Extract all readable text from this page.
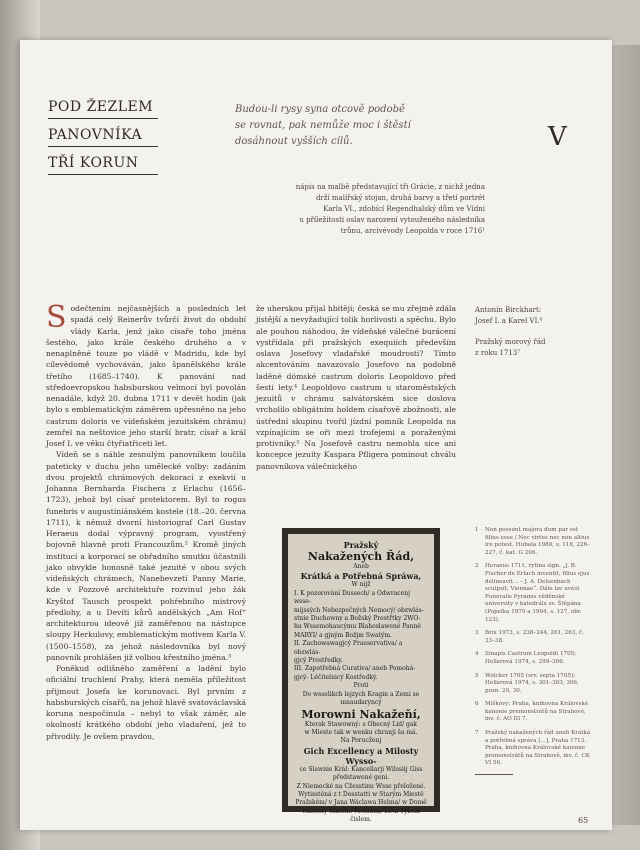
POD ŽEZLEM
PANOVNÍKA
TŘÍ KORUN
Budou-li rysy syna otcově podobě
se rovnat, pak nemůže moc i štěstí
dosáhnout vyšších cílů.	V
nápis na malbě představující tři Grácie, z nichž jedna
drží malířský stojan, druhá barvy a třetí portrét
Karla VI., zdobící Regendhalský dům ve Vídni
u příležitosti oslav narození vytouženého následníka
trůnu, arcivévody Leopolda v roce 1716¹

Sodečtením nejčasnějších a posledních let spadá celý Reinerův tvůrčí život do období vlády Karla, jenž jako císaře toho jména šestého, jako krále českého druhého a v nenaplněné touze po vládě v Madridu, kde byl cílevědomě vychováván, jako španělského krále třetího (1685–1740). K panování nad středoevropskou habsburskou velmocí byl povolán nenadále, když 20. dubna 1711 v devět hodin (jak bylo s emblematickým záměrem upřesněno na jeho castrum doloris ve vídeňském jezuitském chrámu) zemřel na neštovice jeho starší bratr, císař a král Josef I. ve věku čtyřiatřiceti let.

Vídeň se s náhle zesnulým panovníkem loučila pateticky v duchu jeho umělecké volby: zadáním dvou projektů chrámových dekorací z exekvií u Johanna Bernharda Fischera z Erlachu (1656–1723), jehož byl císař protektorem. Byl to rogus funebris v augustiniánském kostele (18.–20. června 1711), k němuž dvorní historiograf Carl Gustav Heraeus dodal výpravný program, vyostřený bojovně hlavně proti Francouzům.² Kromě jiných institucí a korporací se obřadního smutku účastnili jako obvykle honosně také jezuité v obou svých vídeňských chrámech, Nanebevzetí Panny Marie, kde v Pozzově architektuře rozvinul jeho žák Kryštof Tausch prospekt pohřebního mistrový předlohy, a u Devíti kůrů andělských „Am Hof“ architekturou ideově již zaměřenou na nástupce sloupy Herkulovy, emblematickým motivem Karla V. (1500–1558), za jehož následovníka byl nový panovník prohlášen již volbou křestního jména.³

Poněkud odlišného zaměření a ladění bylo oficiální truchlení Prahy, která neměla příležitost přijmout Josefa ke korunovaci. Byl prvním z habsburských císařů, na jehož hlavě svatováclavská koruna nespočinula – nebyl to však záměr, ale okolností krátkého období jeho vladaření, jež to přivodily. Je ovšem pravdou,

že uherskou přijal hbitěji; česká se mu zřejmě zdála jistější a nevyžadující tolik horlivosti a spěchu. Bylo ale pouhou náhodou, že vídeňské válečné burácení vystřídala při pražských exequiích především oslava Josefovy vladařské moudrosti? Tímto akcentováním navazovalo Josefovo na podobně laděné dómské castrum doloris Leopoldovo před šesti lety.⁴ Leopoldovo castrum u staroměstských jezuitů v chrámu salvátorském sice doslova vrcholilo obligátním holdem císařově zbožnosti, ale ústřední skupinu tvořil jízdní pomník Leopolda na vzpínajícím se oři mezi trofejemi a poraženými protivníky.⁵ Na Josefově castru nemohla sice ani koncepce jezuity Kaspara Pfligera pominout chválu panovníkova válečnického

Antonín Birckhart:
Josef I. a Karel VI.⁶

Pražský morový řád
z roku 1713⁷

Pražský
Nakažených Řád,
Aneb
Krátká a Potřebná Spráwa,
W nijž
I. K pozorování Dussech/ a Odwracenj wsse-
mijssých Nebezpečných Nemocý/ obzwlás-
stnie Duchowny a Božský Prostřtky 2WO-
hu Wssemohaucýmu Blahoslawené Panně
MARYI/ a gjným Božjm Swatým.
II. Zachowawagjcý Praeservativa/ a obzwlás-
gjcý Prostředky.
III. Zapotřebná Curativa/ aneb Pomohá-
gjcý- Léčitelnicý Kostředký.
Proti
Do wsselikch lejzych Kragin a Zemi se
mnaudaryncý
Morowni Nakažeňí,
Kterak Stawowný: s Obecný Lid/ gak
w Mieste tak w wenku chranji ša má.
Na Porucženj
Gich Excellency a Milosty Wysso-
ce Slawnie Král: Kancellarji Wilssiij Giss
předstawené geni.
Z Niemecké na Cžesstinu Wsse přeložené.
Wytisstěná z t Dosstatti w Starým Miestě
Pražském/ v Jana Wáclawa Helma/ w Domě
vlasteny Šlatého Melauna/ Léta Tybozi čislem.
1	Non possunt majora dum par est filius esse / Nec virtus nec non altius ire potest. Hubala 1980, s. 118, 226–227, č. kat. G 206.
2	Heraeus 1711, rytina sign. „J. B. Fischer de Erlach inventit, filius ejus delineavit... – J. A. Delsenbach sculpsit, Viennae“. Dále lze uvést Funeralis Pyramis věděnské university v katedrále sv. Štěpána (Popelka 1970 a 1994, s. 127, obr. 123).
3	Brix 1973, s. 238–244, 261, 263, č. 33–38.
4	Sinapis Castrum Leopoldi 1705; Hellerová 1974, s. 299–306.
5	Wolcker 1705 (srv. septa 1705); Hellerová 1974, s. 301–303, 306, pozn. 29, 30.
6	Miškovy: Praha, knihovna Královské kanonie premonstrátů na Strahově, inv. č. AO III 7.
7	Pražský nakažených řád aneb Krátká a potřebná správa [...], Praha 1713. Praha, knihovna Královské kanonie premonstrátů na Strahově, inv. č. CK VI 56.
65
